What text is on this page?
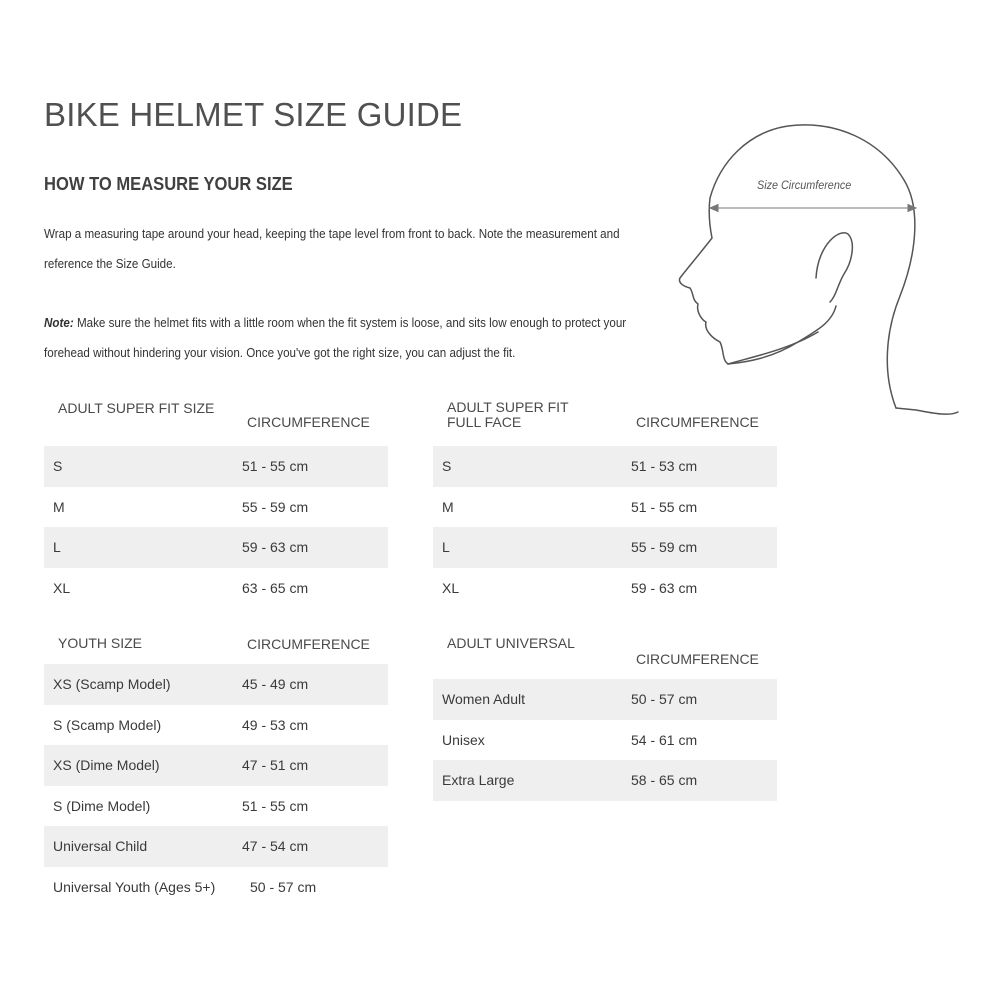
BIKE HELMET SIZE GUIDE
HOW TO MEASURE YOUR SIZE

Wrap a measuring tape around your head, keeping the tape level from front to back. Note the measurement and reference the Size Guide.

Note: Make sure the helmet fits with a little room when the fit system is loose, and sits low enough to protect your forehead without hindering your vision. Once you've got the right size, you can adjust the fit.

Size Circumference
ADULT SUPER FIT SIZE
CIRCUMFERENCE
S	51 - 55 cm
M	55 - 59 cm
L	59 - 63 cm
XL	63 - 65 cm
ADULT SUPER FIT
FULL FACE	CIRCUMFERENCE
S	51 - 53 cm
M	51 - 55 cm
L	55 - 59 cm
XL	59 - 63 cm
YOUTH SIZE	CIRCUMFERENCE
XS (Scamp Model)	45 - 49 cm
S (Scamp Model)	49 - 53 cm
XS (Dime Model)	47 - 51 cm
S (Dime Model)	51 - 55 cm
Universal Child	47 - 54 cm
Universal Youth (Ages 5+) 50 - 57 cm
ADULT UNIVERSAL
CIRCUMFERENCE
Women Adult	50 - 57 cm
Unisex	54 - 61 cm
Extra Large	58 - 65 cm
